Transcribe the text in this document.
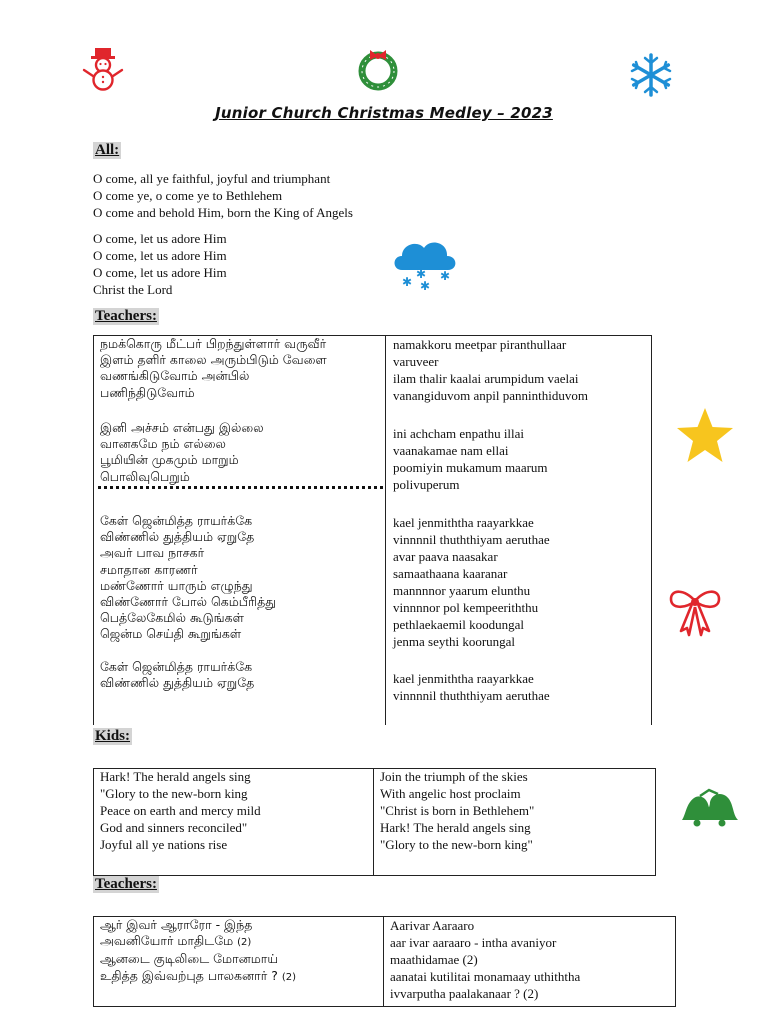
✱ ✱
✱
✱
Junior Church Christmas Medley – 2023
All:
O come, all ye faithful, joyful and triumphant
O come ye, o come ye to Bethlehem
O come and behold Him, born the King of Angels
O come, let us adore Him
O come, let us adore Him
O come, let us adore Him
Christ the Lord
Teachers:
நமக்கொரு மீட்பர் பிறந்துள்ளார் வருவீர்
இளம் தளிர் காலை அரும்பிடும் வேளை
வணங்கிடுவோம் அன்பில்
பணிந்திடுவோம்
இனி அச்சம் என்பது இல்லை
வானகமே நம் எல்லை
பூமியின் முகமும் மாறும்
பொலிவுபெறும்
கேள் ஜென்மித்த ராயர்க்கே
விண்ணில் துத்தியம் ஏறுதே
அவர் பாவ நாசகர்
சமாதான காரணர்
மண்ணோர் யாரும் எழுந்து
விண்ணோர் போல் கெம்பீரித்து
பெத்லேகேமில் கூடுங்கள்
ஜென்ம செய்தி கூறுங்கள்
கேள் ஜென்மித்த ராயர்க்கே
விண்ணில் துத்தியம் ஏறுதே
namakkoru meetpar piranthullaar
varuveer
ilam thalir kaalai arumpidum vaelai
vanangiduvom anpil panninthiduvom
ini achcham enpathu illai
vaanakamae nam ellai
poomiyin mukamum maarum
polivuperum
kael jenmiththa raayarkkae
vinnnnil thuththiyam aeruthae
avar paava naasakar
samaathaana kaaranar
mannnnor yaarum elunthu
vinnnnor pol kempeeriththu
pethlaekaemil koodungal
jenma seythi koorungal
kael jenmiththa raayarkkae
vinnnnil thuththiyam aeruthae
Kids:
Hark! The herald angels sing
"Glory to the new-born king
Peace on earth and mercy mild
God and sinners reconciled"
Joyful all ye nations rise
Join the triumph of the skies
With angelic host proclaim
"Christ is born in Bethlehem"
Hark! The herald angels sing
"Glory to the new-born king"
Teachers:
ஆர் இவர் ஆராரோ - இந்த
அவனியோர் மாதிடமே (2)
ஆனடை குடிலிடை மோனமாய்
உதித்த இவ்வற்புத பாலகனார் ? (2)
Aarivar Aaraaro
aar ivar aaraaro - intha avaniyor
maathidamae (2)
aanatai kutilitai monamaay uthiththa
ivvarputha paalakanaar ? (2)
